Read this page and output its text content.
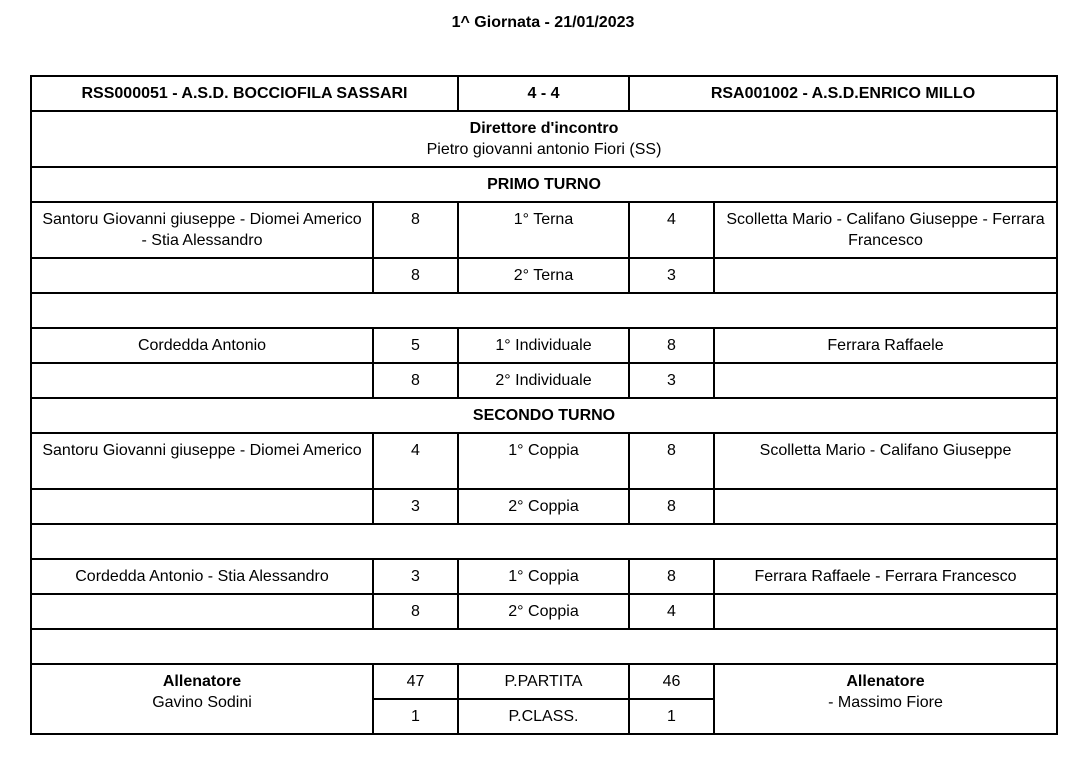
1^ Giornata - 21/01/2023
RSS000051 - A.S.D. BOCCIOFILA SASSARI		4 - 4	RSA001002 - A.S.D.ENRICO MILLO	

Direttore d'incontro
Pietro giovanni antonio Fiori (SS)				

PRIMO TURNO				
Santoru Giovanni giuseppe - Diomei Americo - Stia Alessandro	8	1° Terna	4	Scolletta Mario - Califano Giuseppe - Ferrara Francesco
	8	2° Terna	3	

Cordedda Antonio	5	1° Individuale	8	Ferrara Raffaele
	8	2° Individuale	3	
SECONDO TURNO				
Santoru Giovanni giuseppe - Diomei Americo	4	1° Coppia	8	Scolletta Mario - Califano Giuseppe
	3	2° Coppia	8	

Cordedda Antonio - Stia Alessandro	3	1° Coppia	8	Ferrara Raffaele - Ferrara Francesco
	8	2° Coppia	4	

Allenatore
Gavino Sodini	47	P.PARTITA	46	Allenatore
- Massimo Fiore

	1	P.CLASS.	1	
